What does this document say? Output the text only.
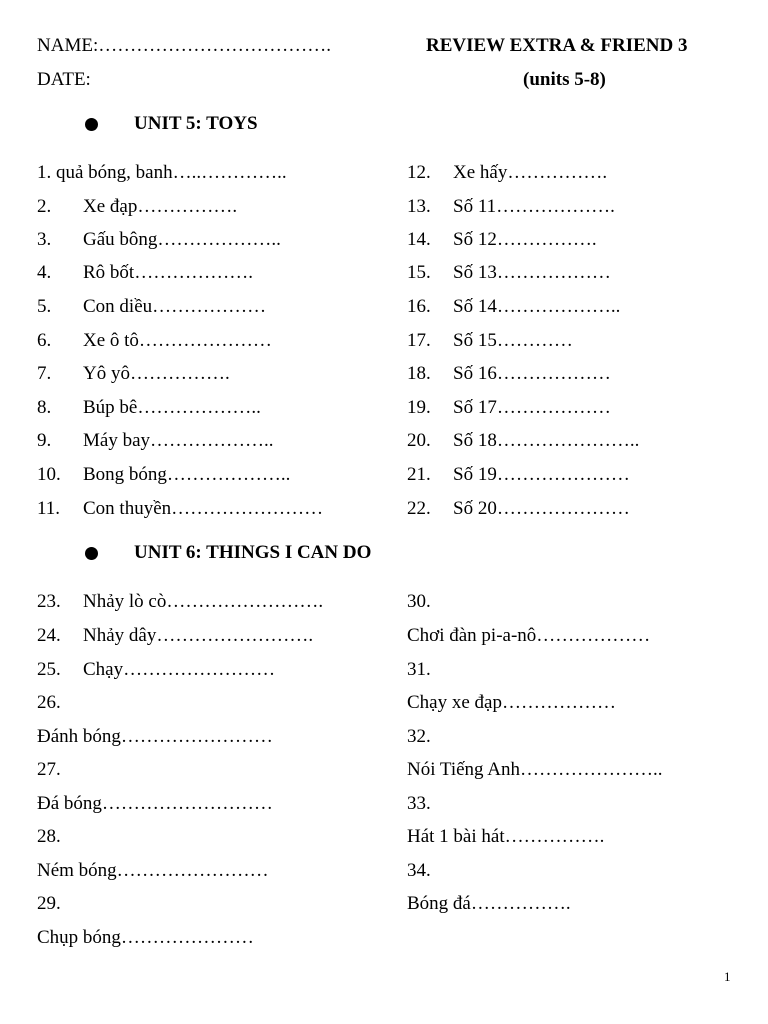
NAME:……………………………….	REVIEW EXTRA & FRIEND 3
DATE:	(units 5-8)
UNIT 5: TOYS
1. quả bóng, banh…..…………..
2. Xe đạp…………….
3. Gấu bông………………..
4. Rô bốt……………….
5. Con diều………………
6. Xe ô tô…………………
7. Yô yô…………….
8. Búp bê………………..
9. Máy bay………………..
10. Bong bóng………………..
11. Con thuyền……………………
12. Xe hấy…………….
13. Số 11……………….
14. Số 12…………….
15. Số 13………………
16. Số 14………………..
17. Số 15…………
18. Số 16………………
19. Số 17………………
20. Số 18…………………..
21. Số 19…………………
22. Số 20…………………
UNIT 6: THINGS I CAN DO
23. Nhảy lò cò…………………….
24. Nhảy dây…………………….
25. Chạy……………………
26.
Đánh bóng……………………
27.
Đá bóng………………………
28.
Ném bóng……………………
29.
Chụp bóng…………………
30.
Chơi đàn pi-a-nô………………
31.
Chạy xe đạp………………
32.
Nói Tiếng Anh…………………..
33.
Hát 1 bài hát…………….
34.
Bóng đá…………….
1
